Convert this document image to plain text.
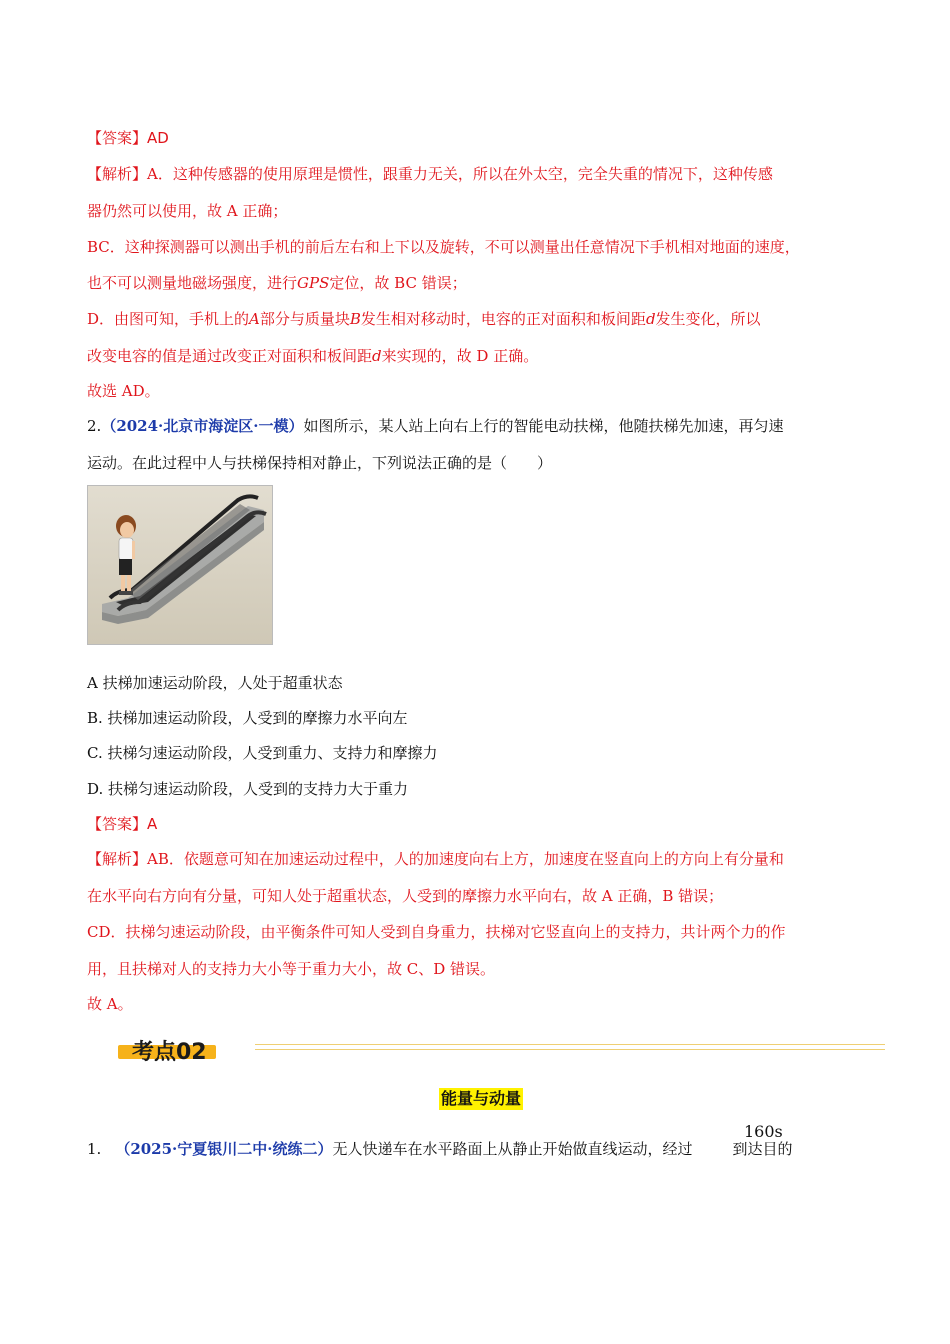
【答案】AD
【解析】A．这种传感器的使用原理是惯性，跟重力无关，所以在外太空，完全失重的情况下，这种传感
器仍然可以使用，故 A 正确；
BC．这种探测器可以测出手机的前后左右和上下以及旋转，不可以测量出任意情况下手机相对地面的速度，
也不可以测量地磁场强度，进行GPS定位，故 BC 错误；
D．由图可知，手机上的A部分与质量块B发生相对移动时，电容的正对面积和板间距d发生变化，所以
改变电容的值是通过改变正对面积和板间距d来实现的，故 D 正确。
故选 AD。
2.（2024·北京市海淀区·一模）如图所示，某人站上向右上行的智能电动扶梯，他随扶梯先加速，再匀速
运动。在此过程中人与扶梯保持相对静止，下列说法正确的是（　　）
A 扶梯加速运动阶段，人处于超重状态
B. 扶梯加速运动阶段，人受到的摩擦力水平向左
C. 扶梯匀速运动阶段，人受到重力、支持力和摩擦力
D. 扶梯匀速运动阶段，人受到的支持力大于重力
【答案】A
【解析】AB．依题意可知在加速运动过程中，人的加速度向右上方，加速度在竖直向上的方向上有分量和
在水平向右方向有分量，可知人处于超重状态，人受到的摩擦力水平向右，故 A 正确，B 错误；
CD．扶梯匀速运动阶段，由平衡条件可知人受到自身重力，扶梯对它竖直向上的支持力，共计两个力的作
用，且扶梯对人的支持力大小等于重力大小，故 C、D 错误。
故 A。
考点02
能量与动量
1. （2025·宁夏银川二中·统练二）无人快递车在水平路面上从静止开始做直线运动，经过	到达目的
160s
